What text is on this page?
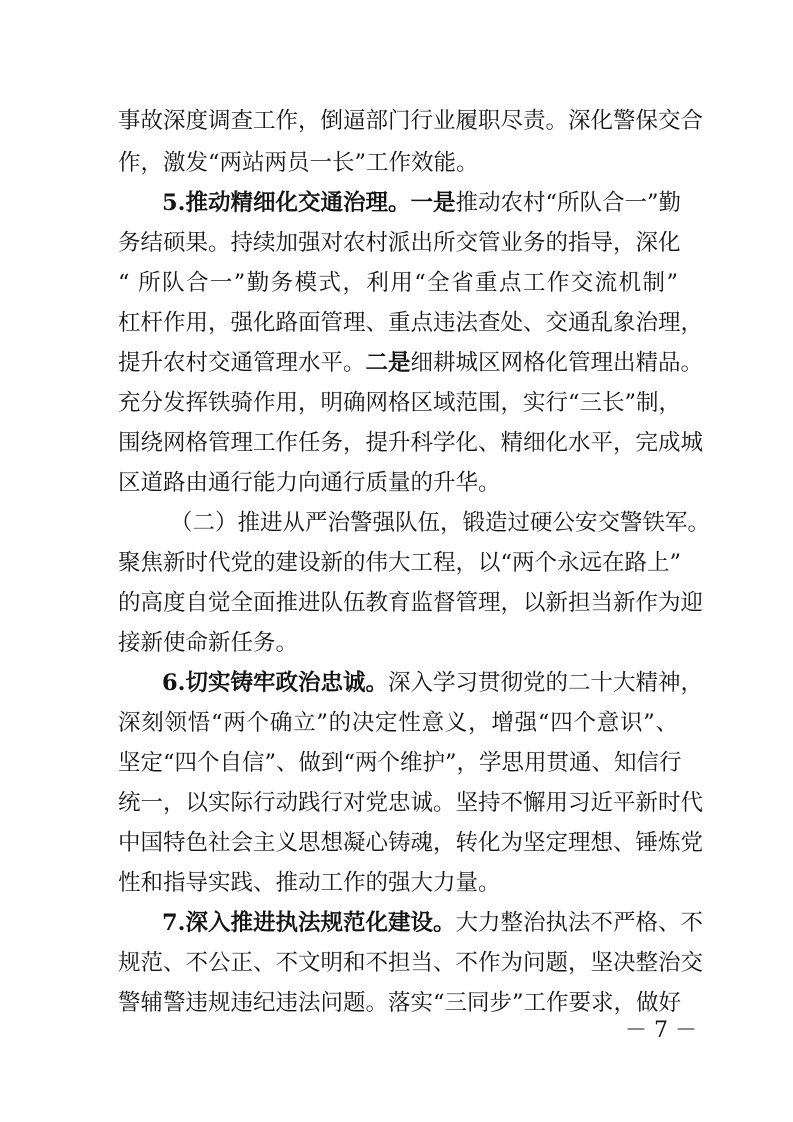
事故深度调查工作，倒逼部门行业履职尽责。深化警保交合
作，激发“两站两员一长”工作效能。
5.推动精细化交通治理。一是推动农村“所队合一”勤
务结硕果。持续加强对农村派出所交管业务的指导，深化
“ 所队合一”勤务模式，利用“全省重点工作交流机制”
杠杆作用，强化路面管理、重点违法查处、交通乱象治理，
提升农村交通管理水平。二是细耕城区网格化管理出精品。
充分发挥铁骑作用，明确网格区域范围，实行“三长”制，
围绕网格管理工作任务，提升科学化、精细化水平，完成城
区道路由通行能力向通行质量的升华。
（二）推进从严治警强队伍，锻造过硬公安交警铁军。
聚焦新时代党的建设新的伟大工程，以“两个永远在路上”
的高度自觉全面推进队伍教育监督管理，以新担当新作为迎
接新使命新任务。
6.切实铸牢政治忠诚。深入学习贯彻党的二十大精神，
深刻领悟“两个确立”的决定性意义，增强“四个意识”、
坚定“四个自信”、做到“两个维护”，学思用贯通、知信行
统一，以实际行动践行对党忠诚。坚持不懈用习近平新时代
中国特色社会主义思想凝心铸魂，转化为坚定理想、锤炼党
性和指导实践、推动工作的强大力量。
7.深入推进执法规范化建设。大力整治执法不严格、不
规范、不公正、不文明和不担当、不作为问题，坚决整治交
警辅警违规违纪违法问题。落实“三同步”工作要求，做好
－ 7 －
